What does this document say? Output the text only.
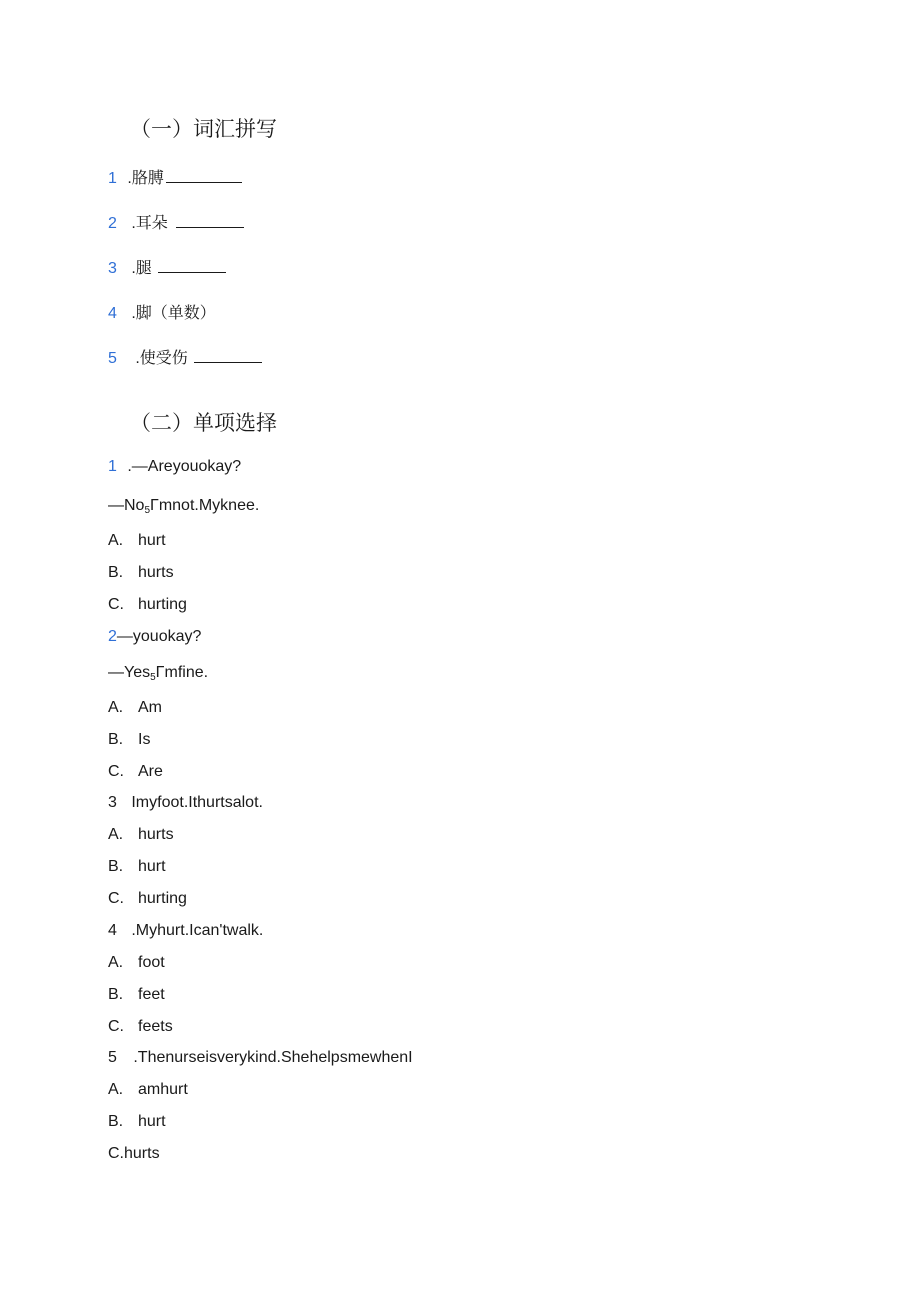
（一）词汇拼写
1 .胳膊
2 .耳朵
3 .腿
4 .脚（单数）
5 .使受伤
（二）单项选择
1 .—Areyouokay?
$—No_5\Gamma mnot.Myknee$.
A. hurt
B. hurts
C. hurting
2—youokay?
—Yes$_5$Γmfine.
A. Am
B. Is
C. Are
3 Imyfoot.Ithurtsalot.
A. hurts
B. hurt
C. hurting
4 .Myhurt.Ican'twalk.
A. foot
B. feet
C. feets
5 .Thenurseisverykind.ShehelpsmewhenI
A. amhurt
B. hurt
C.hurts
